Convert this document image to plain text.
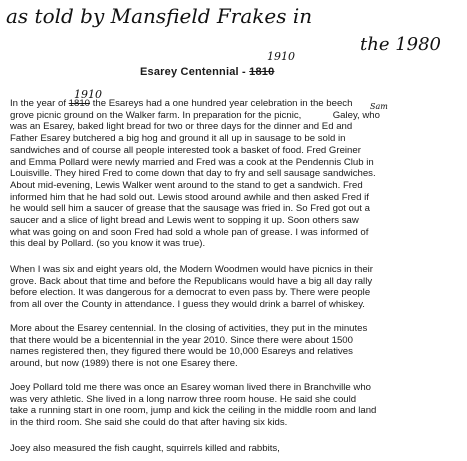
as told by Mansfield Frakes in
the 1980
1910
1910
Sam
Esarey Centennial - 1810
In the year of 1810 the Esareys had a one hundred year celebration in the beech
grove picnic ground on the Walker farm. In preparation for the picnic,	Galey, who
was an Esarey, baked light bread for two or three days for the dinner and Ed and
Father Esarey butchered a big hog and ground it all up in sausage to be sold in
sandwiches and of course all people interested took a basket of food. Fred Greiner
and Emma Pollard were newly married and Fred was a cook at the Pendennis Club in
Louisville. They hired Fred to come down that day to fry and sell sausage sandwiches.
About mid-evening, Lewis Walker went around to the stand to get a sandwich. Fred
informed him that he had sold out. Lewis stood around awhile and then asked Fred if
he would sell him a saucer of grease that the sausage was fried in. So Fred got out a
saucer and a slice of light bread and Lewis went to sopping it up. Soon others saw
what was going on and soon Fred had sold a whole pan of grease. I was informed of
this deal by Pollard. (so you know it was true).
When I was six and eight years old, the Modern Woodmen would have picnics in their
grove. Back about that time and before the Republicans would have a big all day rally
before election. It was dangerous for a democrat to even pass by. There were people
from all over the County in attendance. I guess they would drink a barrel of whiskey.
More about the Esarey centennial. In the closing of activities, they put in the minutes
that there would be a bicentennial in the year 2010. Since there were about 1500
names registered then, they figured there would be 10,000 Esareys and relatives
around, but now (1989) there is not one Esarey there.
Joey Pollard told me there was once an Esarey woman lived there in Branchville who
was very athletic. She lived in a long narrow three room house. He said she could
take a running start in one room, jump and kick the ceiling in the middle room and land
in the third room. She said she could do that after having six kids.
Joey also measured the fish caught, squirrels killed and rabbits,
